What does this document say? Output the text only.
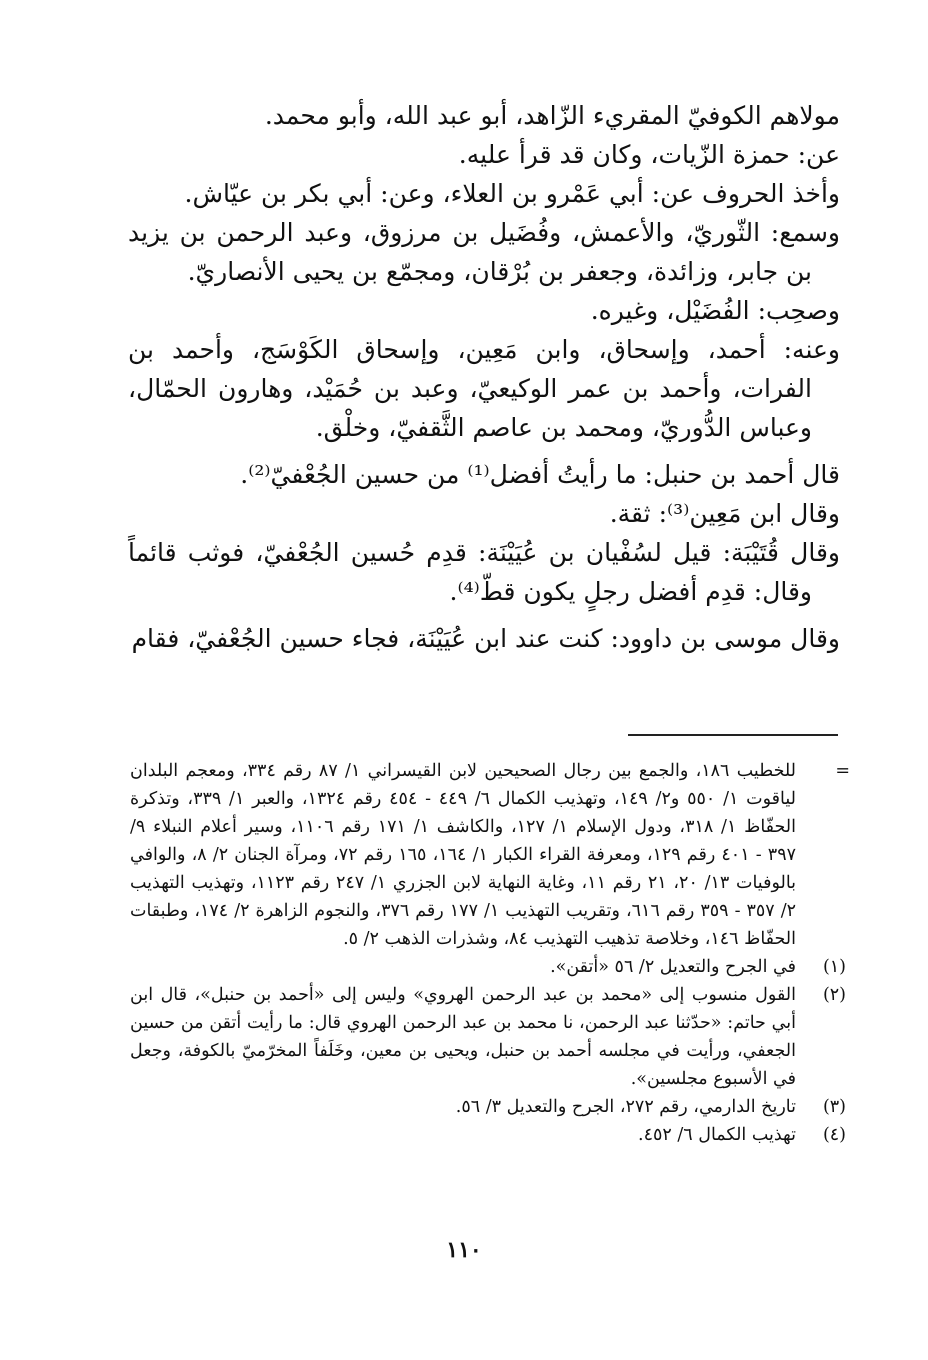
مولاهم الكوفيّ المقريء الزّاهد، أبو عبد الله، وأبو محمد.

عن: حمزة الزّيات، وكان قد قرأ عليه.

وأخذ الحروف عن: أبي عَمْرو بن العلاء، وعن: أبي بكر بن عيّاش.

وسمع: الثّوريّ، والأعمش، وفُضَيل بن مرزوق، وعبد الرحمن بن يزيد بن جابر، وزائدة، وجعفر بن بُرْقان، ومجمّع بن يحيى الأنصاريّ.

وصحِب: الفُضَيْل، وغيره.

وعنه: أحمد، وإسحاق، وابن مَعِين، وإسحاق الكَوْسَج، وأحمد بن الفرات، وأحمد بن عمر الوكيعيّ، وعبد بن حُمَيْد، وهارون الحمّال، وعباس الدُّوريّ، ومحمد بن عاصم الثَّقفيّ، وخلْق.

قال أحمد بن حنبل: ما رأيتُ أفضل⁽¹⁾ من حسين الجُعْفيّ⁽²⁾.

وقال ابن مَعِين⁽³⁾: ثقة.

وقال قُتَيْبَة: قيل لسُفْيان بن عُيَيْنَة: قدِم حُسين الجُعْفيّ، فوثب قائماً وقال: قدِم أفضل رجلٍ يكون قطّ⁽⁴⁾.

وقال موسى بن داوود: كنت عند ابن عُيَيْنَة، فجاء حسين الجُعْفيّ، فقام

=
للخطيب ١٨٦، والجمع بين رجال الصحيحين لابن القيسراني ١/ ٨٧ رقم ٣٣٤، ومعجم البلدان لياقوت ١/ ٥٥٠ و٢/ ١٤٩، وتهذيب الكمال ٦/ ٤٤٩ - ٤٥٤ رقم ١٣٢٤، والعبر ١/ ٣٣٩، وتذكرة الحفّاظ ١/ ٣١٨، ودول الإسلام ١/ ١٢٧، والكاشف ١/ ١٧١ رقم ١١٠٦، وسير أعلام النبلاء ٩/ ٣٩٧ - ٤٠١ رقم ١٢٩، ومعرفة القراء الكبار ١/ ١٦٤، ١٦٥ رقم ٧٢، ومرآة الجنان ٢/ ٨، والوافي بالوفيات ١٣/ ٢٠، ٢١ رقم ١١، وغاية النهاية لابن الجزري ١/ ٢٤٧ رقم ١١٢٣، وتهذيب التهذيب ٢/ ٣٥٧ - ٣٥٩ رقم ٦١٦، وتقريب التهذيب ١/ ١٧٧ رقم ٣٧٦، والنجوم الزاهرة ٢/ ١٧٤، وطبقات الحفّاظ ١٤٦، وخلاصة تذهيب التهذيب ٨٤، وشذرات الذهب ٢/ ٥.

(١)
في الجرح والتعديل ٢/ ٥٦ «أتقن».

(٢)
القول منسوب إلى «محمد بن عبد الرحمن الهروي» وليس إلى «أحمد بن حنبل»، قال ابن أبي حاتم: «حدّثنا عبد الرحمن، نا محمد بن عبد الرحمن الهروي قال: ما رأيت أتقن من حسين الجعفي، ورأيت في مجلسه أحمد بن حنبل، ويحيى بن معين، وخَلَفاً المخرّميّ بالكوفة، وجعل في الأسبوع مجلسين».

(٣)
تاريخ الدارمي، رقم ٢٧٢، الجرح والتعديل ٣/ ٥٦.

(٤)
تهذيب الكمال ٦/ ٤٥٢.

١١٠
